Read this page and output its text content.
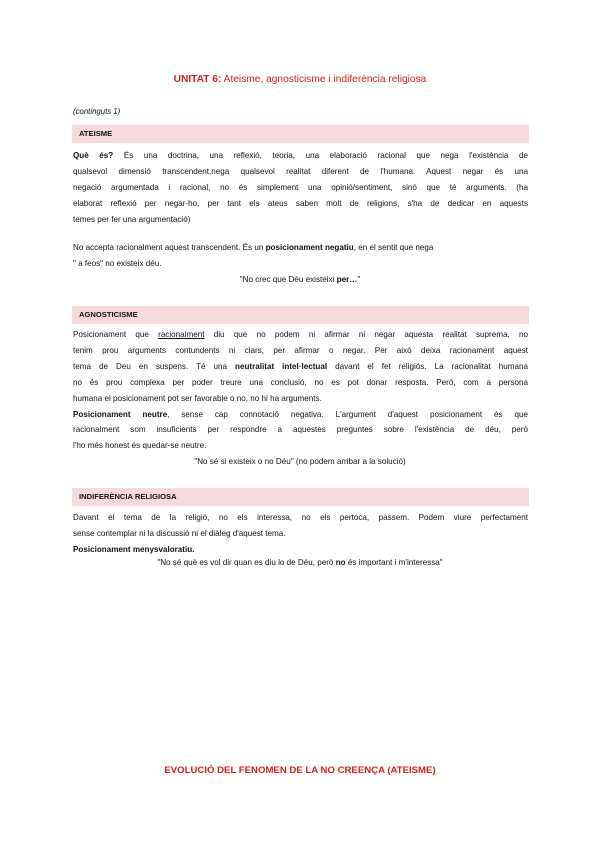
UNITAT 6: Ateisme, agnosticisme i indiferència religiosa
(continguts 1)
ATEISME
Què és? És una doctrina, una reflexió, teoria, una elaboració racional que nega l'existència de
qualsevol dimensió transcendent,nega qualsevol realitat diferent de l'humana. Aquest negar és una
negació argumentada i racional, no és simplement una opinió/sentiment, sinó que té arguments. (ha
elaborat reflexió per negar-ho, per tant els ateus saben molt de religions, s'ha de dedicar en aquests
temes per fer una argumentació)
No accepta racionalment aquest transcendent. És un posicionament negatiu, en el sentit que nega
" a feos" no existeix déu.
"No crec que Déu existeixi per…"
AGNOSTICISME
Posicionament que racionalment diu que no podem ni afirmar ni negar aquesta realitat suprema, no
tenim prou arguments contundents ni clars, per afirmar o negar. Per això deixa racionament aquest
tema de Deu en suspens. Té una neutralitat intel·lectual davant el fet religiós. La racionalitat humana
no és prou complexa per poder treure una conclusió, no es pot donar resposta. Però, com a persona
humana el posicionament pot ser favorable o no, no hi ha arguments.
Posicionament neutre, sense cap connotació negativa. L'argument d'aquest posicionament és que
racionalment som insuficients per respondre a aquestes preguntes sobre l'existència de déu, però
l'ho més honest és quedar-se neutre.
"No sé si existeix o no Déu" (no podem arribar a la solució)
INDIFERÈNCIA RELIGIOSA
Davant el tema de la religió, no els interessa, no els pertoca, passem. Podem viure perfectament
sense contemplar ni la discussió ni el diàleg d'aquest tema.
Posicionament menysvaloratiu.
"No sé què es vol dir quan es diu lo de Déu, però no és important i m'interessa"
EVOLUCIÓ DEL FENOMEN DE LA NO CREENÇA (ATEISME)
